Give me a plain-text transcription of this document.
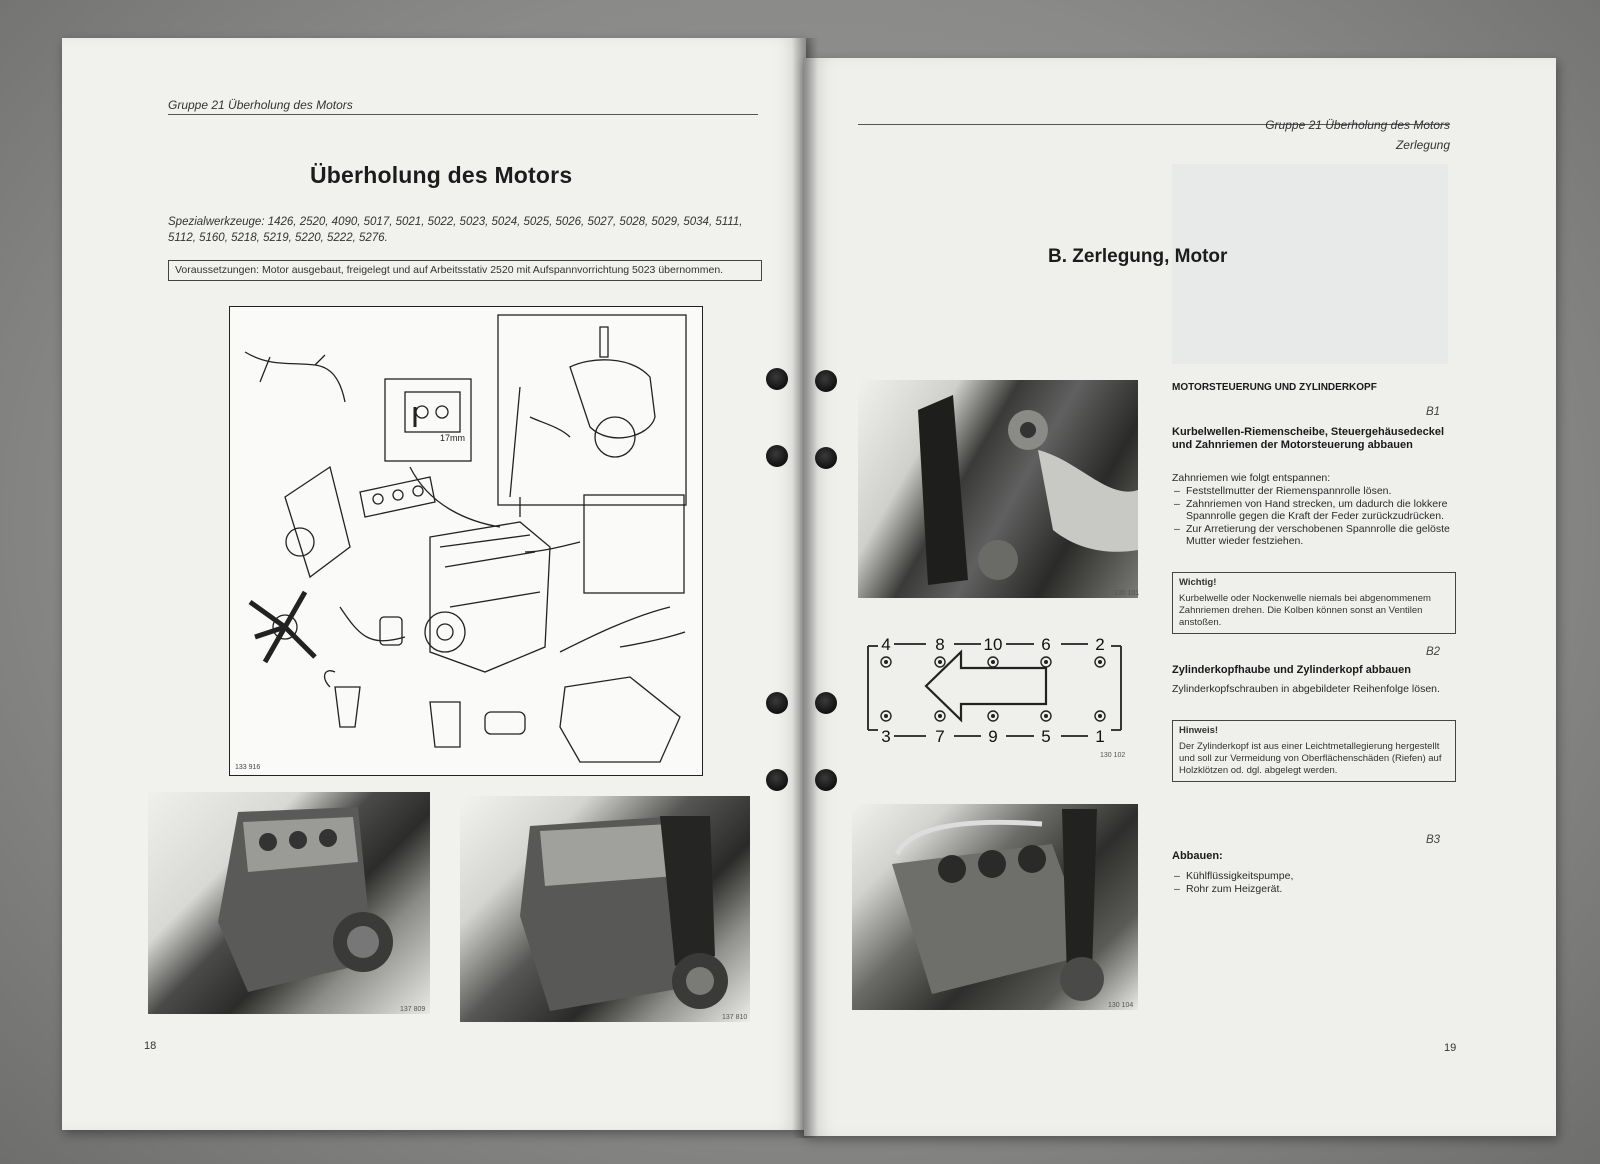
Gruppe 21 Überholung des Motors
Überholung des Motors
Spezialwerkzeuge: 1426, 2520, 4090, 5017, 5021, 5022, 5023, 5024, 5025, 5026, 5027, 5028, 5029, 5034, 5111, 5112, 5160, 5218, 5219, 5220, 5222, 5276.
Voraussetzungen: Motor ausgebaut, freigelegt und auf Arbeitsstativ 2520 mit Aufspannvorrichtung 5023 übernommen.
17mm
133 916
137 809
137 810
18
Gruppe 21 Überholung des Motors
Zerlegung
B. Zerlegung, Motor
130 101
4	8 10 6	2
3	7	9	5	1
130 102
130 104
MOTORSTEUERUNG UND ZYLINDERKOPF
B1
Kurbelwellen-Riemenscheibe, Steuergehäusedeckel und Zahnriemen der Motorsteuerung abbauen
Zahnriemen wie folgt entspannen:
– Feststellmutter der Riemenspannrolle lösen.
– Zahnriemen von Hand strecken, um dadurch die lokkere Spannrolle gegen die Kraft der Feder zurückzudrücken.
– Zur Arretierung der verschobenen Spannrolle die gelöste Mutter wieder festziehen.
Wichtig!
Kurbelwelle oder Nockenwelle niemals bei abgenommenem Zahnriemen drehen. Die Kolben können sonst an Ventilen anstoßen.
B2
Zylinderkopfhaube und Zylinderkopf abbauen
Zylinderkopfschrauben in abgebildeter Reihenfolge lösen.
Hinweis!
Der Zylinderkopf ist aus einer Leichtmetallegierung hergestellt und soll zur Vermeidung von Oberflächenschäden (Riefen) auf Holzklötzen od. dgl. abgelegt werden.
B3
Abbauen:
– Kühlflüssigkeitspumpe,
– Rohr zum Heizgerät.
19
